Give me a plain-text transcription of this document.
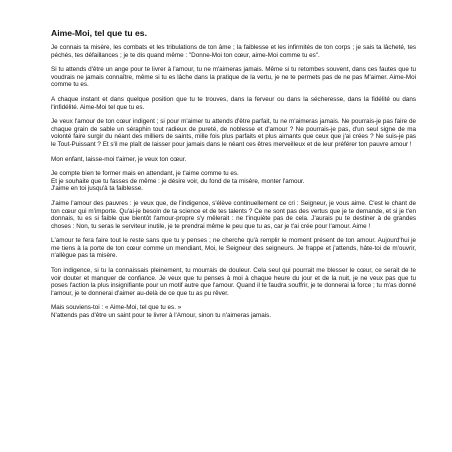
Aime-Moi, tel que tu es.

Je connais ta misère, les combats et les tribulations de ton âme ; la faiblesse et les infirmités de ton corps ; je sais ta lâcheté, tes péchés, tes défaillances ; je te dis quand même : "Donne-Moi ton cœur, aime-Moi comme tu es".

Si tu attends d'être un ange pour te livrer à l'amour, tu ne m'aimeras jamais. Même si tu retombes souvent, dans ces fautes que tu voudrais ne jamais connaître, même si tu es lâche dans la pratique de la vertu, je ne te permets pas de ne pas M'aimer. Aime-Moi comme tu es.

A chaque instant et dans quelque position que tu te trouves, dans la ferveur ou dans la sécheresse, dans la fidélité ou dans l'infidélité. Aime-Moi tel que tu es.

Je veux l'amour de ton cœur indigent ; si pour m'aimer tu attends d'être parfait, tu ne m'aimeras jamais. Ne pourrais-je pas faire de chaque grain de sable un séraphin tout radieux de pureté, de noblesse et d'amour ? Ne pourrais-je pas, d'un seul signe de ma volonté faire surgir du néant des milliers de saints, mille fois plus parfaits et plus aimants que ceux que j'ai crées ? Ne suis-je pas le Tout-Puissant ? Et s'il me plaît de laisser pour jamais dans le néant ces êtres merveilleux et de leur préférer ton pauvre amour !

Mon enfant, laisse-moi t'aimer, je veux ton cœur.

Je compte bien te former mais en attendant, je t'aime comme tu es.
Et je souhaite que tu fasses de même : je désire voir, du fond de ta misère, monter l'amour.
J'aime en toi jusqu'à ta faiblesse.

J'aime l'amour des pauvres : je veux que, de l'indigence, s'élève continuellement ce cri : Seigneur, je vous aime. C'est le chant de ton cœur qui m'importe. Qu'ai-je besoin de ta science et de tes talents ? Ce ne sont pas des vertus que je te demande, et si je t'en donnais, tu es si faible que bientôt l'amour-propre s'y mêlerait : ne t'inquiète pas de cela. J'aurais pu te destiner à de grandes choses : Non, tu seras le serviteur inutile, je te prendrai même le peu que tu as, car je t'ai crée pour l'amour. Aime !

L'amour te fera faire tout le reste sans que tu y penses ; ne cherche qu'à remplir le moment présent de ton amour. Aujourd'hui je me tiens à la porte de ton cœur comme un mendiant, Moi, le Seigneur des seigneurs. Je frappe et j'attends, hâte-toi de m'ouvrir, n'allègue pas ta misère.

Ton indigence, si tu la connaissais pleinement, tu mourrais de douleur. Cela seul qui pourrait me blesser le cœur, ce serait de te voir douter et manquer de confiance. Je veux que tu penses à moi à chaque heure du jour et de la nuit, je ne veux pas que tu poses l'action la plus insignifiante pour un motif autre que l'amour. Quand il te faudra souffrir, je te donnerai la force ; tu m'as donné l'amour, je te donnerai d'aimer au-delà de ce que tu as pu rêver.

Mais souviens-toi : « Aime-Moi, tel que tu es. »
N'attends pas d'être un saint pour te livrer à l'Amour, sinon tu n'aimeras jamais.
